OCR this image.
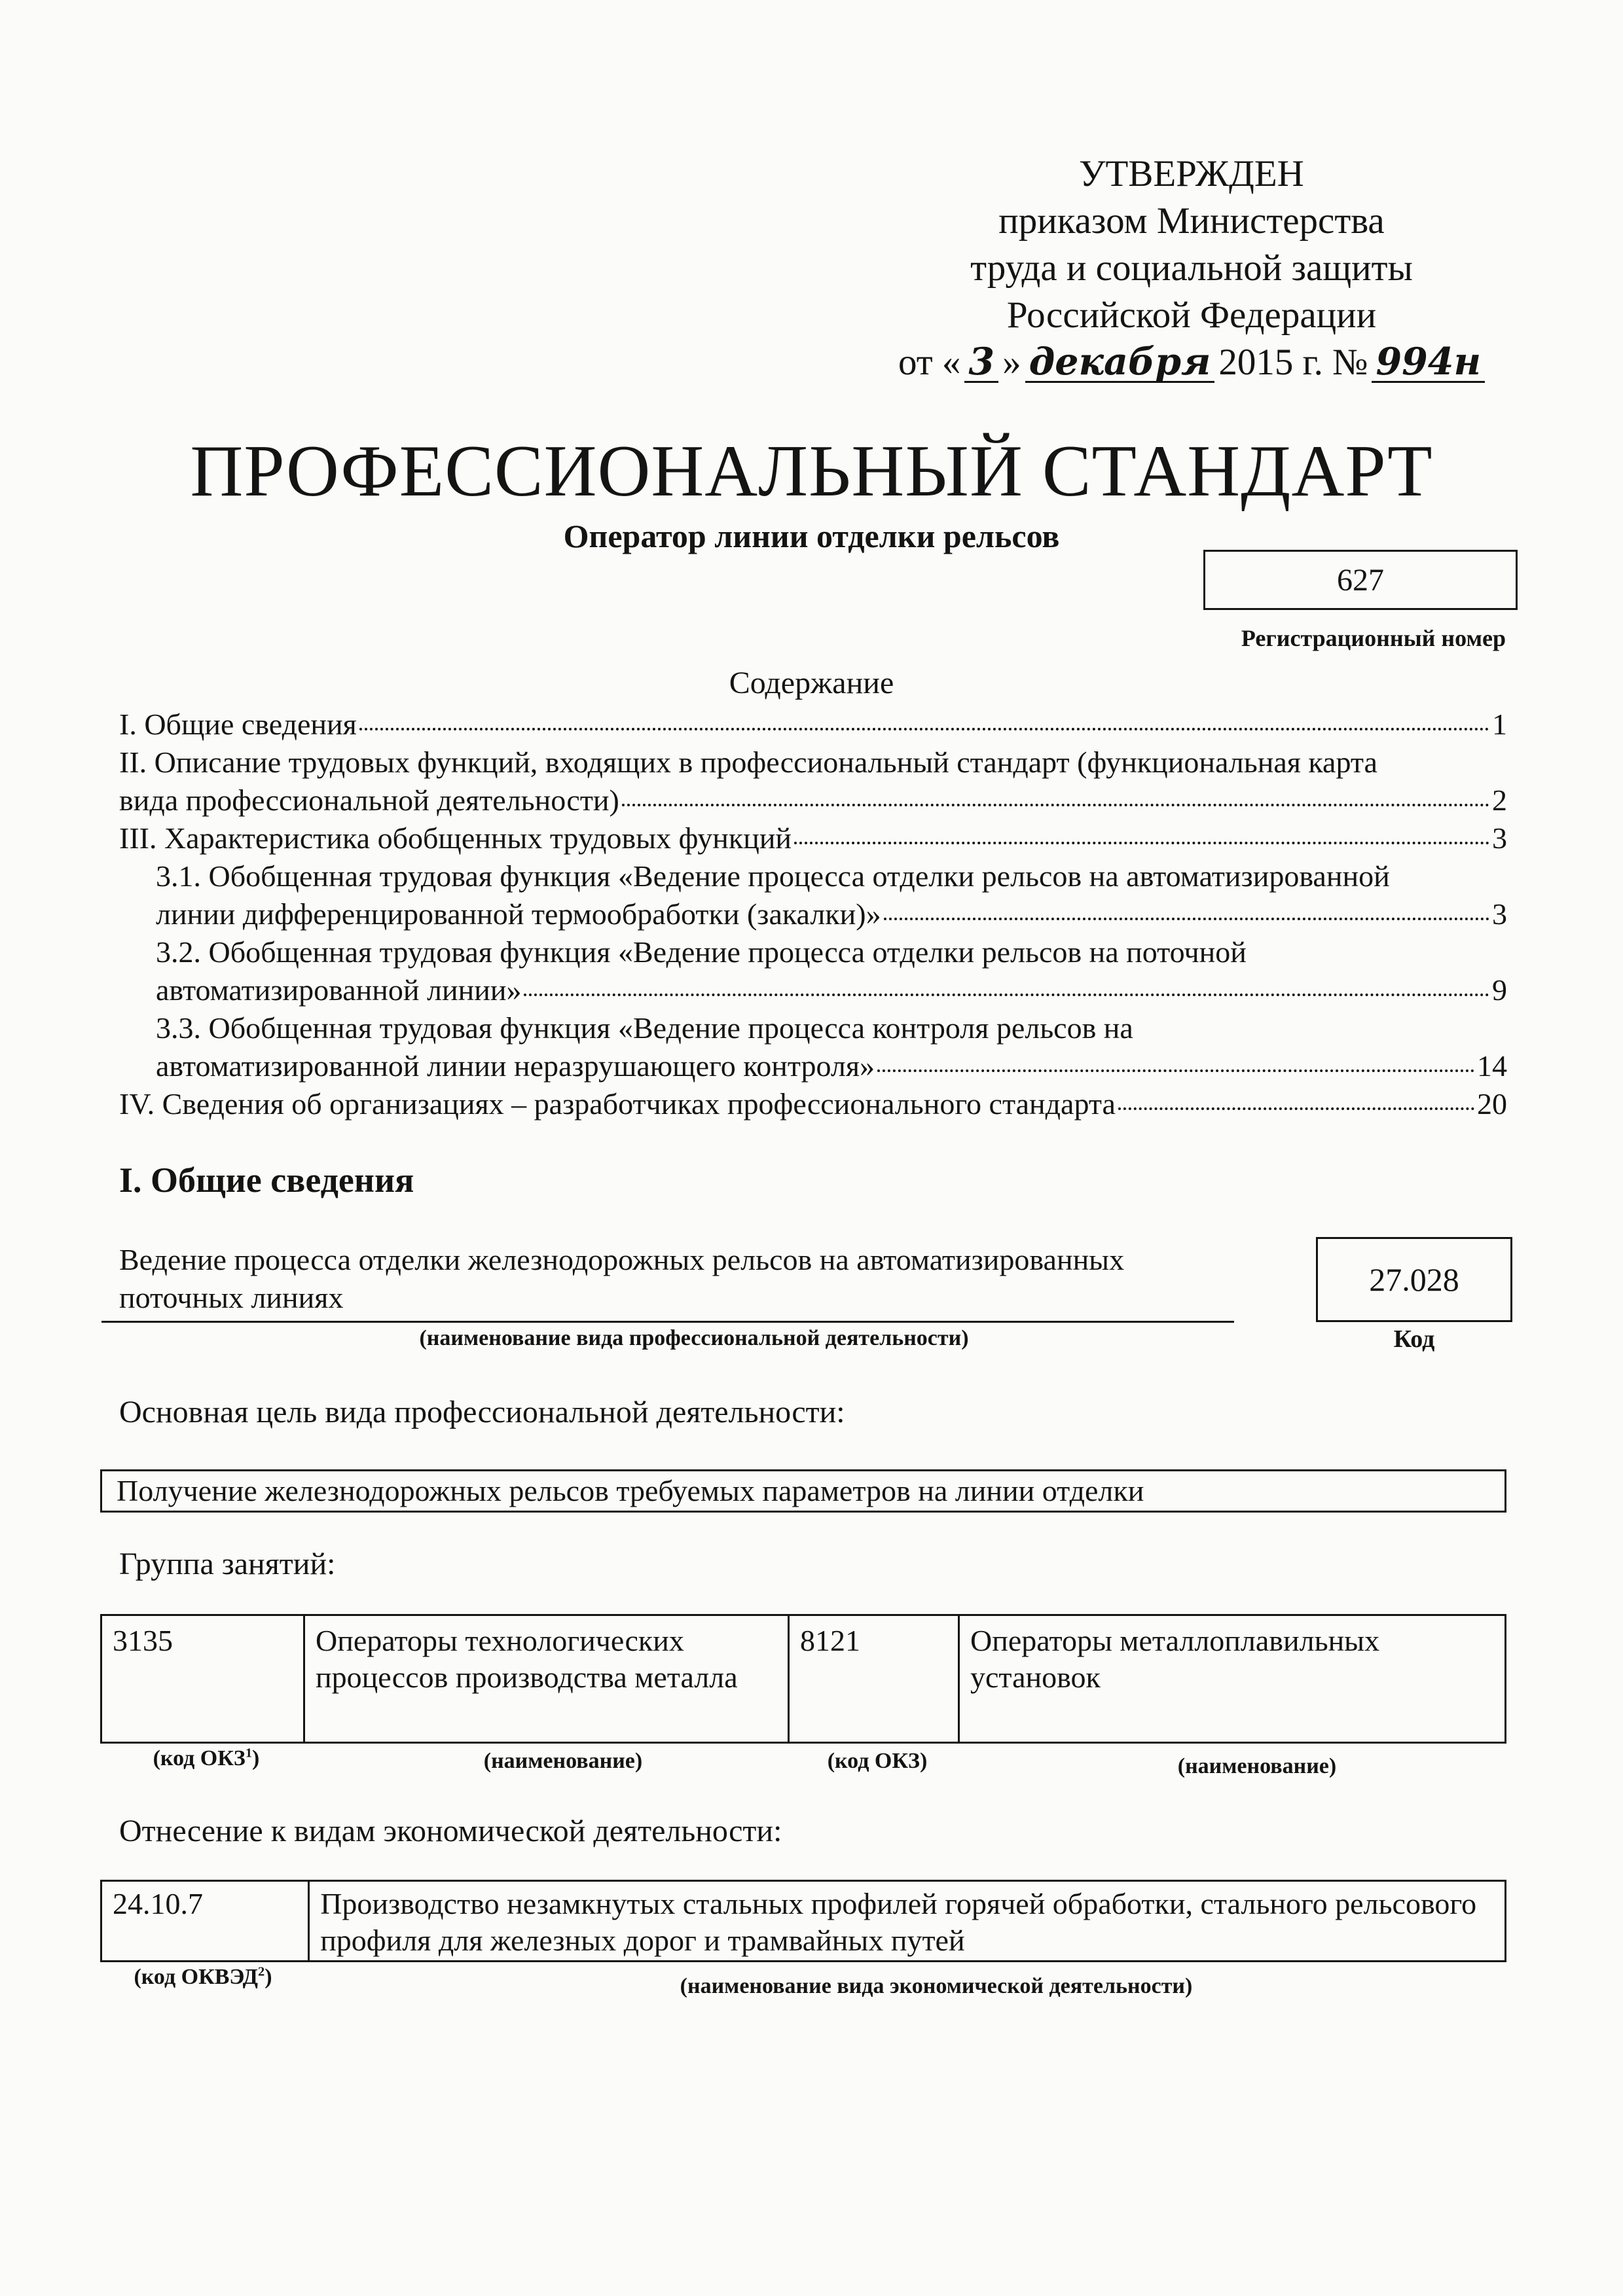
УТВЕРЖДЕН
приказом Министерства
труда и социальной защиты
Российской Федерации
от « 3 » декабря 2015 г. № 994н
ПРОФЕССИОНАЛЬНЫЙ СТАНДАРТ
Оператор линии отделки рельсов
627
Регистрационный номер
Содержание
I. Общие сведения	1
II. Описание трудовых функций, входящих в профессиональный стандарт (функциональная карта
вида профессиональной деятельности)	2
III. Характеристика обобщенных трудовых функций	3
3.1. Обобщенная трудовая функция «Ведение процесса отделки рельсов на автоматизированной
линии дифференцированной термообработки (закалки)»	3
3.2. Обобщенная трудовая функция «Ведение процесса отделки рельсов на поточной
автоматизированной линии»	9
3.3. Обобщенная трудовая функция «Ведение процесса контроля рельсов на
автоматизированной линии неразрушающего контроля»	14
IV. Сведения об организациях – разработчиках профессионального стандарта	20
I. Общие сведения
Ведение процесса отделки железнодорожных рельсов на автоматизированных поточных линиях
(наименование вида профессиональной деятельности)
27.028
Код
Основная цель вида профессиональной деятельности:
Получение железнодорожных рельсов требуемых параметров на линии отделки
Группа занятий:
3135	Операторы технологических процессов производства металла
8121	Операторы металлоплавильных установок
(код ОКЗ$^1$)	(наименование)	(код ОКЗ)	(наименование)
Отнесение к видам экономической деятельности:
24.10.7	Производство незамкнутых стальных профилей горячей обработки, стального рельсового профиля для железных дорог и трамвайных путей
(код ОКВЭД$^2$)	(наименование вида экономической деятельности)
